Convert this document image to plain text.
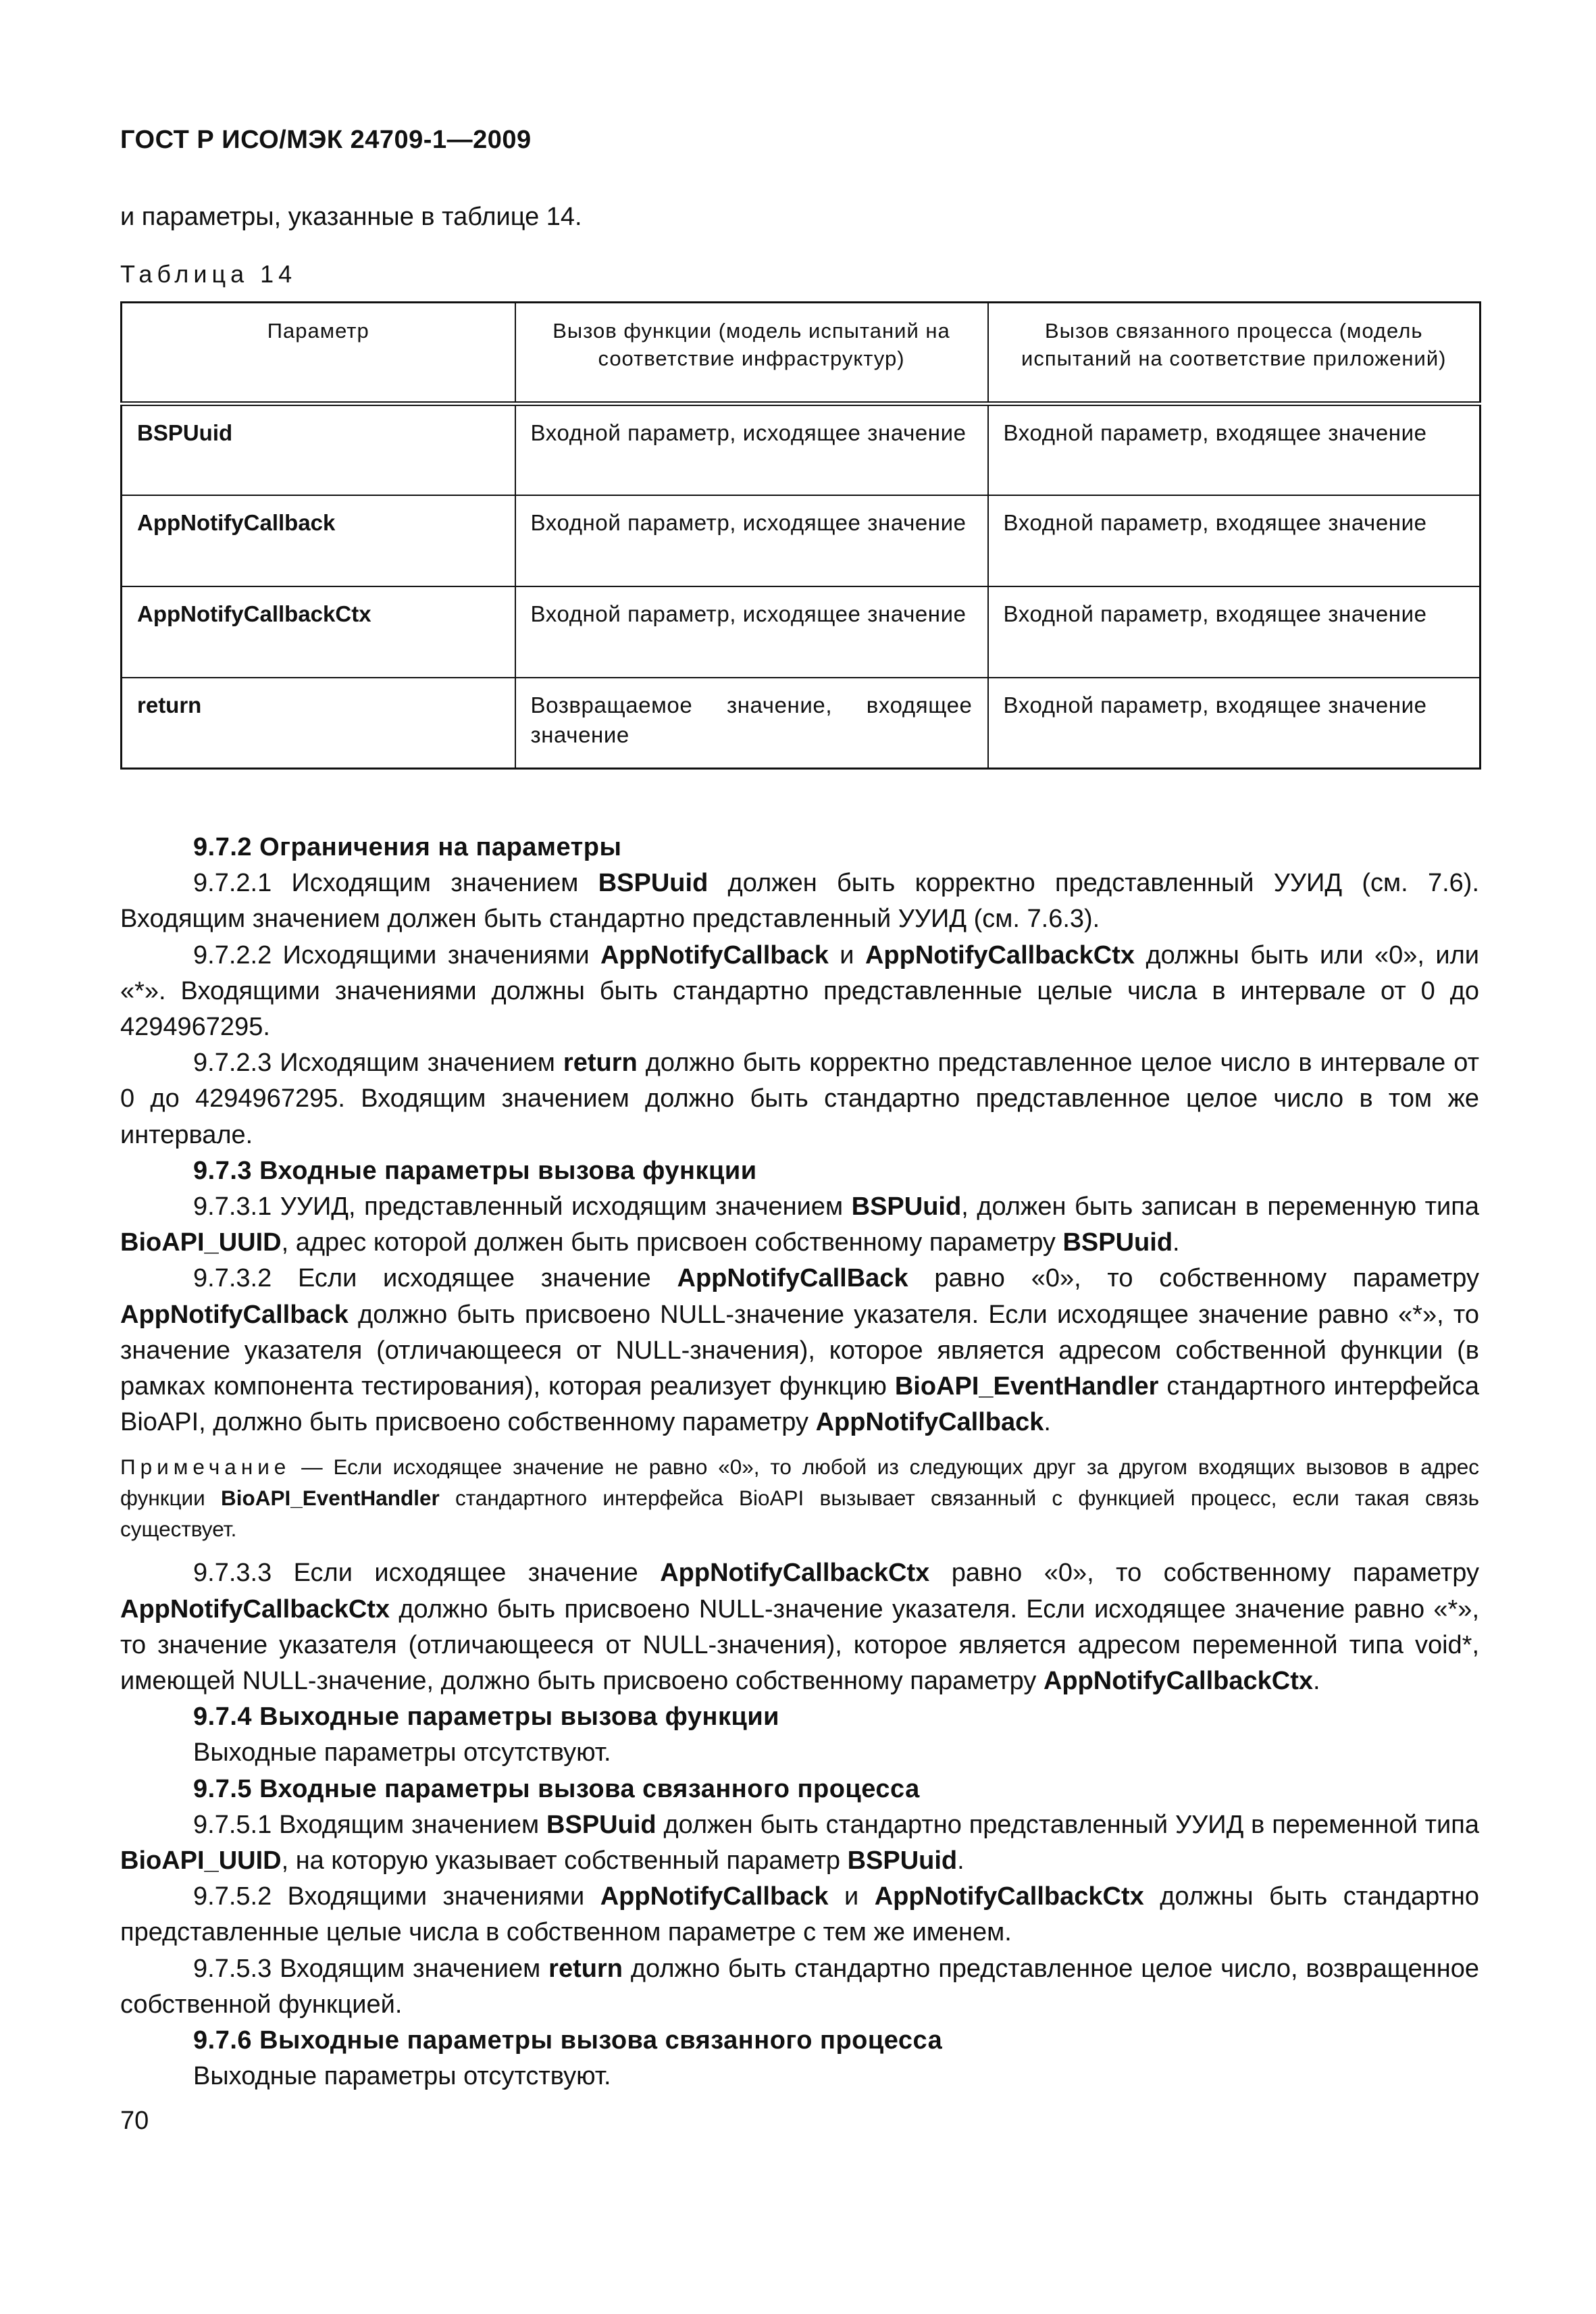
ГОСТ Р ИСО/МЭК 24709-1—2009
и параметры, указанные в таблице 14.
Таблица 14
Параметр	Вызов функции (модель испытаний на соответствие инфраструктур)	Вызов связанного процесса (модель испытаний на соответствие приложений)
BSPUuid	Входной параметр, исходящее значение	Входной параметр, входящее значение
AppNotifyCallback	Входной параметр, исходящее значение	Входной параметр, входящее значение
AppNotifyCallbackCtx	Входной параметр, исходящее значение	Входной параметр, входящее значение
return	Возвращаемое значение, входящее значение	Входной параметр, входящее значение

9.7.2 Ограничения на параметры

9.7.2.1 Исходящим значением BSPUuid должен быть корректно представленный УУИД (см. 7.6). Входящим значением должен быть стандартно представленный УУИД (см. 7.6.3).

9.7.2.2 Исходящими значениями AppNotifyCallback и AppNotifyCallbackCtx должны быть или «0», или «*». Входящими значениями должны быть стандартно представленные целые числа в интервале от 0 до 4294967295.

9.7.2.3 Исходящим значением return должно быть корректно представленное целое число в интервале от 0 до 4294967295. Входящим значением должно быть стандартно представленное целое число в том же интервале.

9.7.3 Входные параметры вызова функции

9.7.3.1 УУИД, представленный исходящим значением BSPUuid, должен быть записан в переменную типа BioAPI_UUID, адрес которой должен быть присвоен собственному параметру BSPUuid.

9.7.3.2 Если исходящее значение AppNotifyCallBack равно «0», то собственному параметру AppNotifyCallback должно быть присвоено NULL-значение указателя. Если исходящее значение равно «*», то значение указателя (отличающееся от NULL-значения), которое является адресом собственной функции (в рамках компонента тестирования), которая реализует функцию BioAPI_EventHandler стандартного интерфейса BioAPI, должно быть присвоено собственному параметру AppNotifyCallback.

Примечание — Если исходящее значение не равно «0», то любой из следующих друг за другом входящих вызовов в адрес функции BioAPI_EventHandler стандартного интерфейса BioAPI вызывает связанный с функцией процесс, если такая связь существует.

9.7.3.3 Если исходящее значение AppNotifyCallbackCtx равно «0», то собственному параметру AppNotifyCallbackCtx должно быть присвоено NULL-значение указателя. Если исходящее значение равно «*», то значение указателя (отличающееся от NULL-значения), которое является адресом переменной типа void*, имеющей NULL-значение, должно быть присвоено собственному параметру AppNotifyCallbackCtx.

9.7.4 Выходные параметры вызова функции

Выходные параметры отсутствуют.

9.7.5 Входные параметры вызова связанного процесса

9.7.5.1 Входящим значением BSPUuid должен быть стандартно представленный УУИД в переменной типа BioAPI_UUID, на которую указывает собственный параметр BSPUuid.

9.7.5.2 Входящими значениями AppNotifyCallback и AppNotifyCallbackCtx должны быть стандартно представленные целые числа в собственном параметре с тем же именем.

9.7.5.3 Входящим значением return должно быть стандартно представленное целое число, возвращенное собственной функцией.

9.7.6 Выходные параметры вызова связанного процесса

Выходные параметры отсутствуют.

70
